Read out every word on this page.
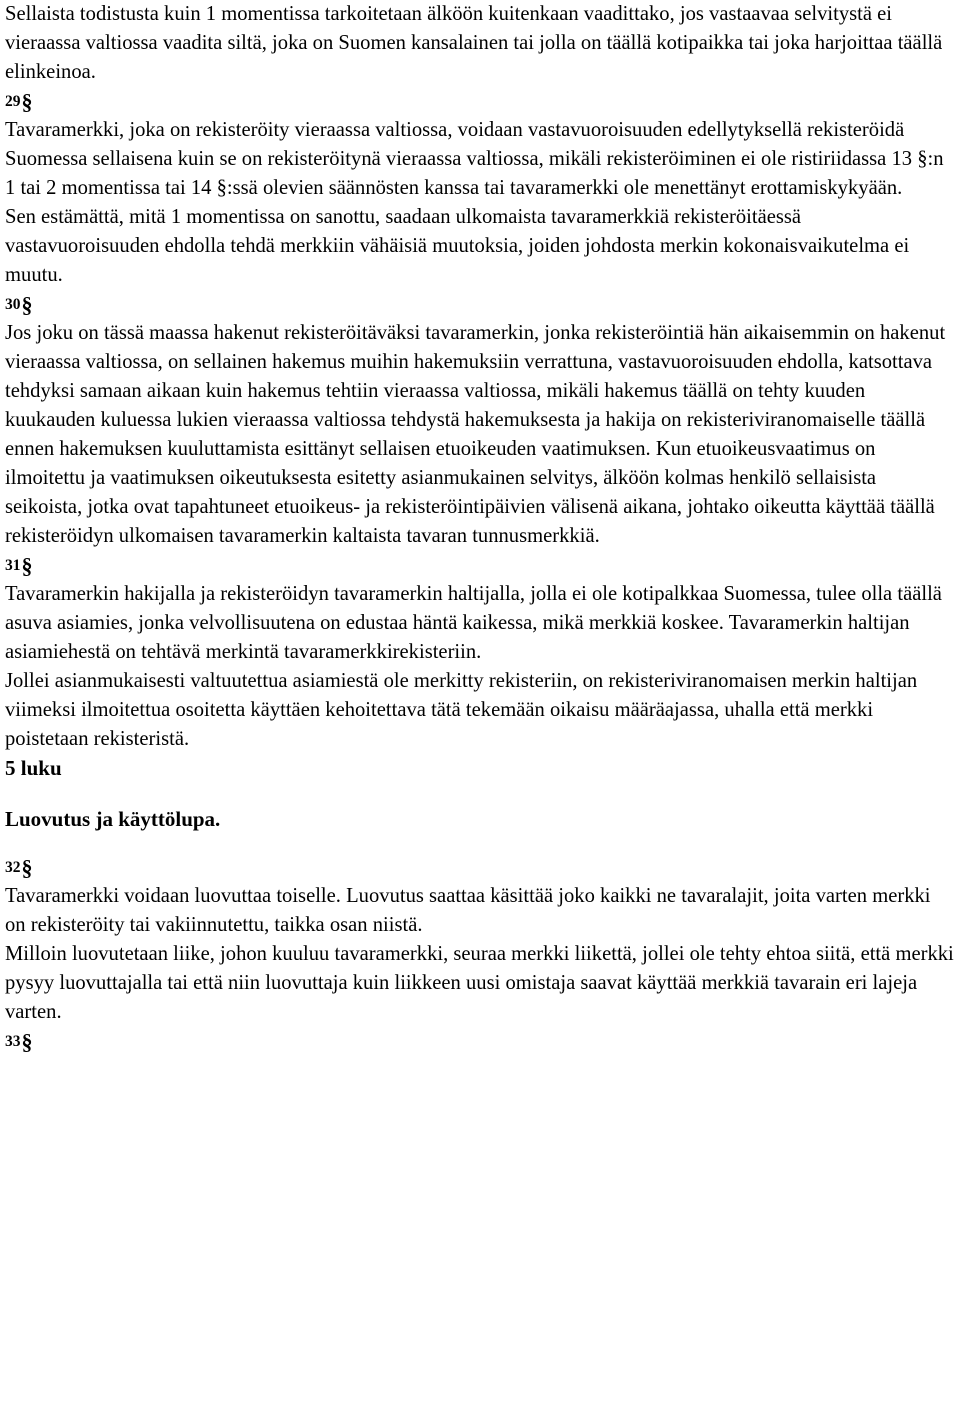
Sellaista todistusta kuin 1 momentissa tarkoitetaan älköön kuitenkaan vaadittako, jos vastaavaa selvitystä ei vieraassa valtiossa vaadita siltä, joka on Suomen kansalainen tai jolla on täällä kotipaikka tai joka harjoittaa täällä elinkeinoa.

29§

Tavaramerkki, joka on rekisteröity vieraassa valtiossa, voidaan vastavuoroisuuden edellytyksellä rekisteröidä Suomessa sellaisena kuin se on rekisteröitynä vieraassa valtiossa, mikäli rekisteröiminen ei ole ristiriidassa 13 §:n 1 tai 2 momentissa tai 14 §:ssä olevien säännösten kanssa tai tavaramerkki ole menettänyt erottamiskykyään.

Sen estämättä, mitä 1 momentissa on sanottu, saadaan ulkomaista tavaramerkkiä rekisteröitäessä vastavuoroisuuden ehdolla tehdä merkkiin vähäisiä muutoksia, joiden johdosta merkin kokonaisvaikutelma ei muutu.

30§

Jos joku on tässä maassa hakenut rekisteröitäväksi tavaramerkin, jonka rekisteröintiä hän aikaisemmin on hakenut vieraassa valtiossa, on sellainen hakemus muihin hakemuksiin verrattuna, vastavuoroisuuden ehdolla, katsottava tehdyksi samaan aikaan kuin hakemus tehtiin vieraassa valtiossa, mikäli hakemus täällä on tehty kuuden kuukauden kuluessa lukien vieraassa valtiossa tehdystä hakemuksesta ja hakija on rekisteriviranomaiselle täällä ennen hakemuksen kuuluttamista esittänyt sellaisen etuoikeuden vaatimuksen. Kun etuoikeusvaatimus on ilmoitettu ja vaatimuksen oikeutuksesta esitetty asianmukainen selvitys, älköön kolmas henkilö sellaisista seikoista, jotka ovat tapahtuneet etuoikeus- ja rekisteröintipäivien välisenä aikana, johtako oikeutta käyttää täällä rekisteröidyn ulkomaisen tavaramerkin kaltaista tavaran tunnusmerkkiä.

31§

Tavaramerkin hakijalla ja rekisteröidyn tavaramerkin haltijalla, jolla ei ole kotipalkkaa Suomessa, tulee olla täällä asuva asiamies, jonka velvollisuutena on edustaa häntä kaikessa, mikä merkkiä koskee. Tavaramerkin haltijan asiamiehestä on tehtävä merkintä tavaramerkkirekisteriin.

Jollei asianmukaisesti valtuutettua asiamiestä ole merkitty rekisteriin, on rekisteriviranomaisen merkin haltijan viimeksi ilmoitettua osoitetta käyttäen kehoitettava tätä tekemään oikaisu määräajassa, uhalla että merkki poistetaan rekisteristä.

5 luku

Luovutus ja käyttölupa.

32§

Tavaramerkki voidaan luovuttaa toiselle. Luovutus saattaa käsittää joko kaikki ne tavaralajit, joita varten merkki on rekisteröity tai vakiinnutettu, taikka osan niistä.

Milloin luovutetaan liike, johon kuuluu tavaramerkki, seuraa merkki liikettä, jollei ole tehty ehtoa siitä, että merkki pysyy luovuttajalla tai että niin luovuttaja kuin liikkeen uusi omistaja saavat käyttää merkkiä tavarain eri lajeja varten.

33§
